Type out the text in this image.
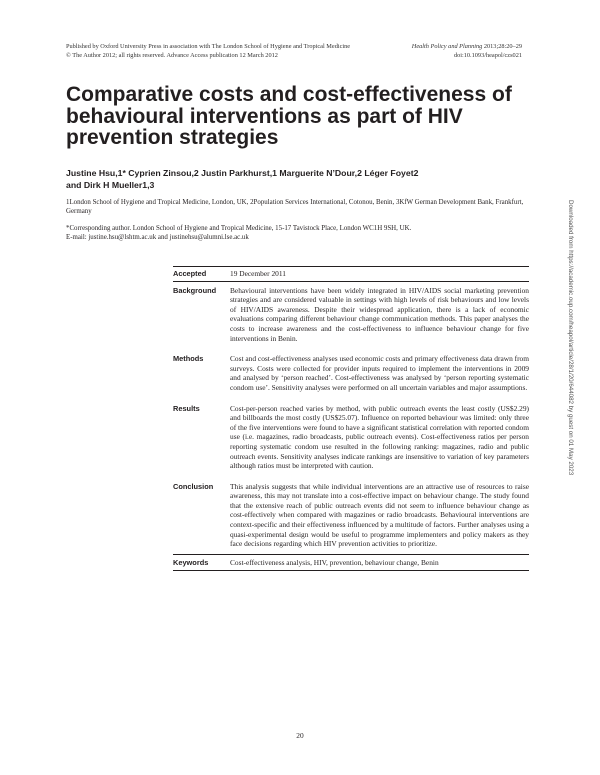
Published by Oxford University Press in association with The London School of Hygiene and Tropical Medicine
© The Author 2012; all rights reserved. Advance Access publication 12 March 2012
Health Policy and Planning 2013;28:20–29
doi:10.1093/heapol/czs021
Comparative costs and cost-effectiveness of behavioural interventions as part of HIV prevention strategies
Justine Hsu,1* Cyprien Zinsou,2 Justin Parkhurst,1 Marguerite N’Dour,2 Léger Foyet2
and Dirk H Mueller1,3
1London School of Hygiene and Tropical Medicine, London, UK, 2Population Services International, Cotonou, Benin, 3KfW German Development Bank, Frankfurt, Germany
*Corresponding author. London School of Hygiene and Tropical Medicine, 15-17 Tavistock Place, London WC1H 9SH, UK.
E-mail: justine.hsu@lshtm.ac.uk and justinehsu@alumni.lse.ac.uk	Downloaded from https://academic.oup.com/heapol/article/28/1/20/644082 by guest on 01 May 2023
Accepted	19 December 2011
Background	Behavioural interventions have been widely integrated in HIV/AIDS social marketing prevention strategies and are considered valuable in settings with high levels of risk behaviours and low levels of HIV/AIDS awareness. Despite their widespread application, there is a lack of economic evaluations comparing different behaviour change communication methods. This paper analyses the costs to increase awareness and the cost-effectiveness to influence behaviour change for five interventions in Benin.
Methods	Cost and cost-effectiveness analyses used economic costs and primary effectiveness data drawn from surveys. Costs were collected for provider inputs required to implement the interventions in 2009 and analysed by ‘person reached’. Cost-effectiveness was analysed by ‘person reporting systematic condom use’. Sensitivity analyses were performed on all uncertain variables and major assumptions.
Results	Cost-per-person reached varies by method, with public outreach events the least costly (US$2.29) and billboards the most costly (US$25.07). Influence on reported behaviour was limited: only three of the five interventions were found to have a significant statistical correlation with reported condom use (i.e. magazines, radio broadcasts, public outreach events). Cost-effectiveness ratios per person reporting systematic condom use resulted in the following ranking: magazines, radio and public outreach events. Sensitivity analyses indicate rankings are insensitive to variation of key parameters although ratios must be interpreted with caution.
Conclusion	This analysis suggests that while individual interventions are an attractive use of resources to raise awareness, this may not translate into a cost-effective impact on behaviour change. The study found that the extensive reach of public outreach events did not seem to influence behaviour change as cost-effectively when compared with magazines or radio broadcasts. Behavioural interventions are context-specific and their effectiveness influenced by a multitude of factors. Further analyses using a quasi-experimental design would be useful to programme implementers and policy makers as they face decisions regarding which HIV prevention activities to prioritize.
Keywords	Cost-effectiveness analysis, HIV, prevention, behaviour change, Benin
20
